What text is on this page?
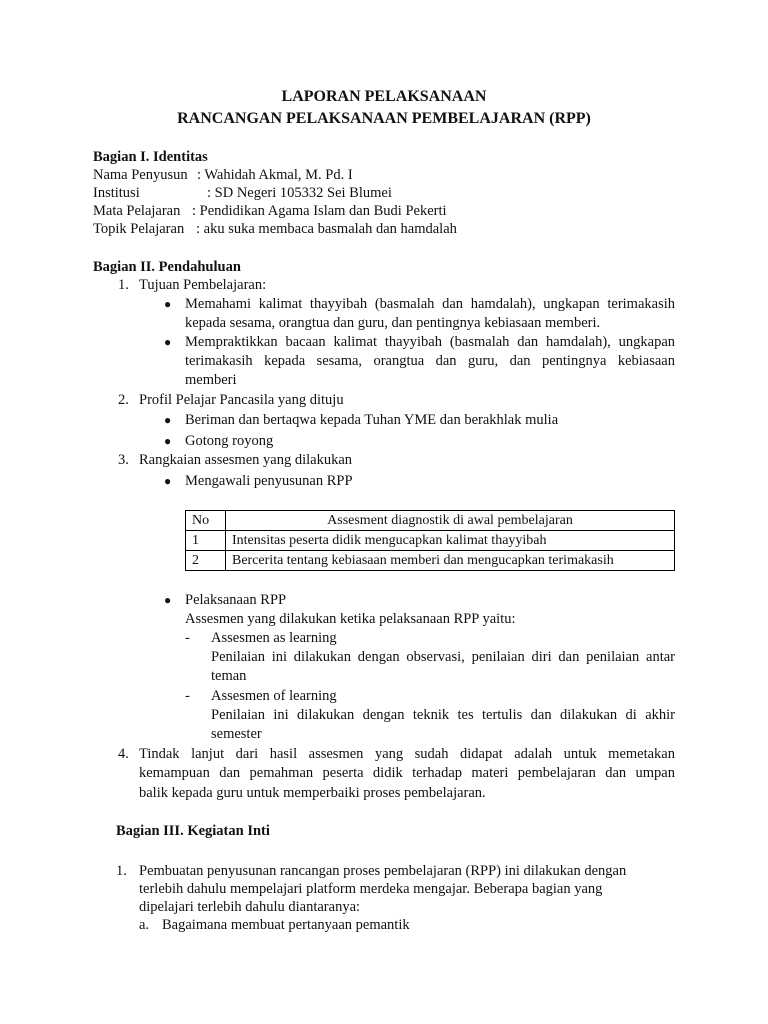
LAPORAN PELAKSANAAN
RANCANGAN PELAKSANAAN PEMBELAJARAN (RPP)
Bagian I. Identitas
Nama Penyusun : Wahidah Akmal, M. Pd. I
Institusi	: SD Negeri 105332 Sei Blumei
Mata Pelajaran : Pendidikan Agama Islam dan Budi Pekerti
Topik Pelajaran : aku suka membaca basmalah dan hamdalah
Bagian II. Pendahuluan
1. Tujuan Pembelajaran:
● Memahami kalimat thayyibah (basmalah dan hamdalah), ungkapan terimakasih
kepada sesama, orangtua dan guru, dan pentingnya kebiasaan memberi.
● Mempraktikkan bacaan kalimat thayyibah (basmalah dan hamdalah), ungkapan
terimakasih kepada sesama, orangtua dan guru, dan pentingnya kebiasaan
memberi
2. Profil Pelajar Pancasila yang dituju
● Beriman dan bertaqwa kepada Tuhan YME dan berakhlak mulia
● Gotong royong
3. Rangkaian assesmen yang dilakukan
● Mengawali penyusunan RPP
No	Assesment diagnostik di awal pembelajaran
1	Intensitas peserta didik mengucapkan kalimat thayyibah
2	Bercerita tentang kebiasaan memberi dan mengucapkan terimakasih
● Pelaksanaan RPP
Assesmen yang dilakukan ketika pelaksanaan RPP yaitu:
- Assesmen as learning
Penilaian ini dilakukan dengan observasi, penilaian diri dan penilaian antar
teman
- Assesmen of learning
Penilaian ini dilakukan dengan teknik tes tertulis dan dilakukan di akhir
semester
4. Tindak lanjut dari hasil assesmen yang sudah didapat adalah untuk memetakan
kemampuan dan pemahman peserta didik terhadap materi pembelajaran dan umpan
balik kepada guru untuk memperbaiki proses pembelajaran.
Bagian III. Kegiatan Inti
1. Pembuatan penyusunan rancangan proses pembelajaran (RPP) ini dilakukan dengan
terlebih dahulu mempelajari platform merdeka mengajar. Beberapa bagian yang
dipelajari terlebih dahulu diantaranya:
a. Bagaimana membuat pertanyaan pemantik
